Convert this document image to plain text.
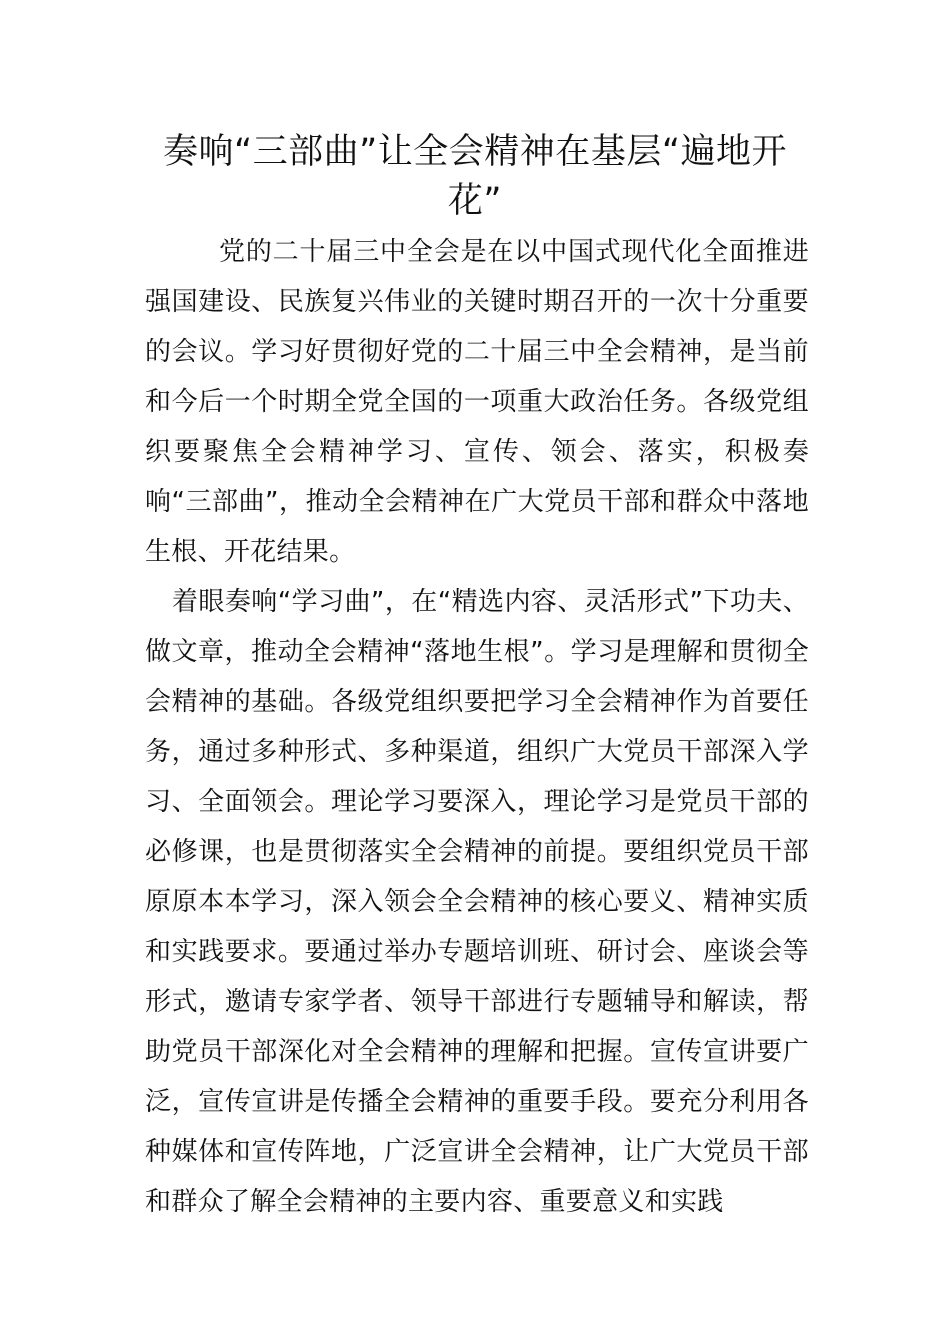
奏响“三部曲”让全会精神在基层“遍地开花”

党的二十届三中全会是在以中国式现代化全面推进强国建设、民族复兴伟业的关键时期召开的一次十分重要的会议。学习好贯彻好党的二十届三中全会精神，是当前和今后一个时期全党全国的一项重大政治任务。各级党组织要聚焦全会精神学习、宣传、领会、落实，积极奏响“三部曲”，推动全会精神在广大党员干部和群众中落地生根、开花结果。

着眼奏响“学习曲”，在“精选内容、灵活形式”下功夫、做文章，推动全会精神“落地生根”。学习是理解和贯彻全会精神的基础。各级党组织要把学习全会精神作为首要任务，通过多种形式、多种渠道，组织广大党员干部深入学习、全面领会。理论学习要深入，理论学习是党员干部的必修课，也是贯彻落实全会精神的前提。要组织党员干部原原本本学习，深入领会全会精神的核心要义、精神实质和实践要求。要通过举办专题培训班、研讨会、座谈会等形式，邀请专家学者、领导干部进行专题辅导和解读，帮助党员干部深化对全会精神的理解和把握。宣传宣讲要广泛，宣传宣讲是传播全会精神的重要手段。要充分利用各种媒体和宣传阵地，广泛宣讲全会精神，让广大党员干部和群众了解全会精神的主要内容、重要意义和实践
